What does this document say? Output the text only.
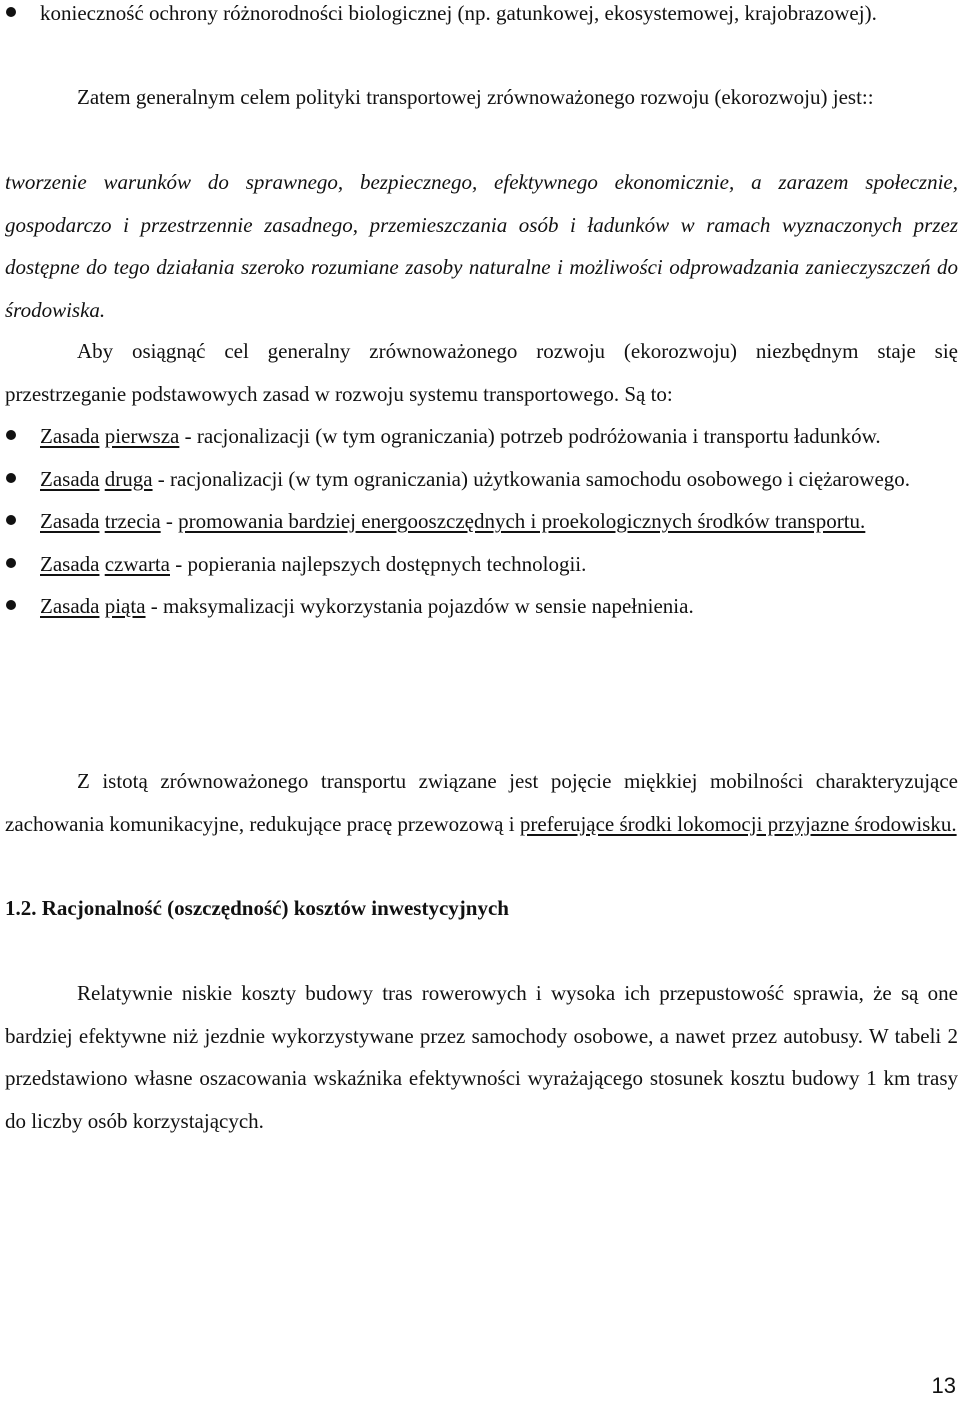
konieczność ochrony różnorodności biologicznej (np. gatunkowej, ekosystemowej, krajobrazowej).

Zatem generalnym celem polityki transportowej zrównoważonego rozwoju (ekorozwoju) jest::

tworzenie warunków do sprawnego, bezpiecznego, efektywnego ekonomicznie, a zarazem społecznie, gospodarczo i przestrzennie zasadnego, przemieszczania osób i ładunków w ramach wyznaczonych przez dostępne do tego działania szeroko rozumiane zasoby naturalne i możliwości odprowadzania zanieczyszczeń do środowiska.

Aby osiągnąć cel generalny zrównoważonego rozwoju (ekorozwoju) niezbędnym staje się przestrzeganie podstawowych zasad w rozwoju systemu transportowego. Są to:

Zasada pierwsza - racjonalizacji (w tym ograniczania) potrzeb podróżowania i transportu ładunków.
Zasada druga - racjonalizacji (w tym ograniczania) użytkowania samochodu osobowego i ciężarowego.
Zasada trzecia - promowania bardziej energooszczędnych i proekologicznych środków transportu.
Zasada czwarta - popierania najlepszych dostępnych technologii.
Zasada piąta - maksymalizacji wykorzystania pojazdów w sensie napełnienia.

Z istotą zrównoważonego transportu związane jest pojęcie miękkiej mobilności charakteryzujące zachowania komunikacyjne, redukujące pracę przewozową i preferujące środki lokomocji przyjazne środowisku.

1.2. Racjonalność (oszczędność) kosztów inwestycyjnych

Relatywnie niskie koszty budowy tras rowerowych i wysoka ich przepustowość sprawia, że są one bardziej efektywne niż jezdnie wykorzystywane przez samochody osobowe, a nawet przez autobusy. W tabeli 2 przedstawiono własne oszacowania wskaźnika efektywności wyrażającego stosunek kosztu budowy 1 km trasy do liczby osób korzystających.

13
